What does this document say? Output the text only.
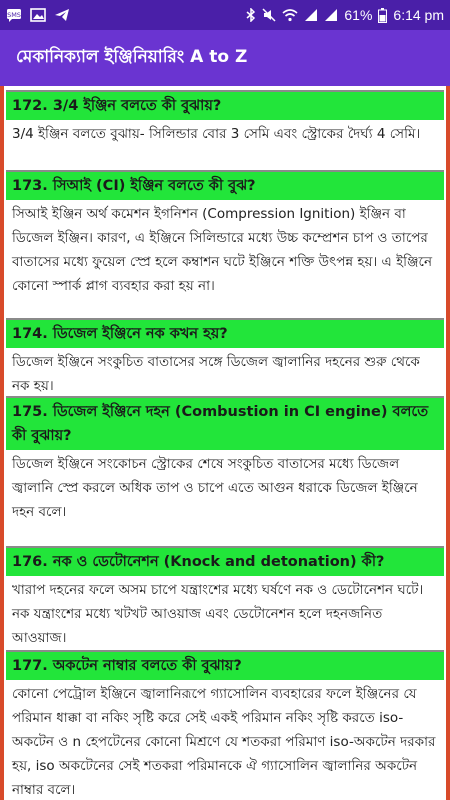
SMS	61% 6:14 pm
মেকানিক্যাল ইঞ্জিনিয়ারিং A to Z
172. 3/4 ইঞ্জিন বলতে কী বুঝায়?
3/4 ইঞ্জিন বলতে বুঝায়- সিলিন্ডার বোর 3 সেমি এবং স্ট্রোকের দৈর্ঘ্য 4 সেমি।
173. সিআই (CI) ইঞ্জিন বলতে কী বুঝ?
সিআই ইঞ্জিন অর্থ কমেশন ইগনিশন (Compression Ignition) ইঞ্জিন বা ডিজেল ইঞ্জিন। কারণ, এ ইঞ্জিনে সিলিন্ডারে মধ্যে উচ্চ কম্প্রেশন চাপ ও তাপের বাতাসের মধ্যে ফুয়েল স্প্রে হলে কম্বাশন ঘটে ইঞ্জিনে শক্তি উৎপন্ন হয়। এ ইঞ্জিনে কোনো স্পার্ক প্লাগ ব্যবহার করা হয় না।
174. ডিজেল ইঞ্জিনে নক কখন হয়?
ডিজেল ইঞ্জিনে সংকুচিত বাতাসের সঙ্গে ডিজেল জ্বালানির দহনের শুরু থেকে নক হয়।
175. ডিজেল ইঞ্জিনে দহন (Combustion in CI engine) বলতে কী বুঝায়?
ডিজেল ইঞ্জিনে সংকোচন স্ট্রোকের শেষে সংকুচিত বাতাসের মধ্যে ডিজেল জ্বালানি স্প্রে করলে অধিক তাপ ও চাপে এতে আগুন ধরাকে ডিজেল ইঞ্জিনে দহন বলে।
176. নক ও ডেটোনেশন (Knock and detonation) কী?
খারাপ দহনের ফলে অসম চাপে যন্ত্রাংশের মধ্যে ঘর্ষণে নক ও ডেটোনেশন ঘটে। নক যন্ত্রাংশের মধ্যে খটখট আওয়াজ এবং ডেটোনেশন হলে দহনজনিত আওয়াজ।
177. অকটেন নাম্বার বলতে কী বুঝায়?
কোনো পেট্রোল ইঞ্জিনে জ্বালানিরূপে গ্যাসোলিন ব্যবহারের ফলে ইঞ্জিনের যে পরিমান ধাক্কা বা নকিং সৃষ্টি করে সেই একই পরিমান নকিং সৃষ্টি করতে iso-অকটেন ও n হেপটেনের কোনো মিশ্রণে যে শতকরা পরিমাণ iso-অকটেন দরকার হয়, iso অকটেনের সেই শতকরা পরিমানকে ঐ গ্যাসোলিন জ্বালানির অকটেন নাম্বার বলে।
